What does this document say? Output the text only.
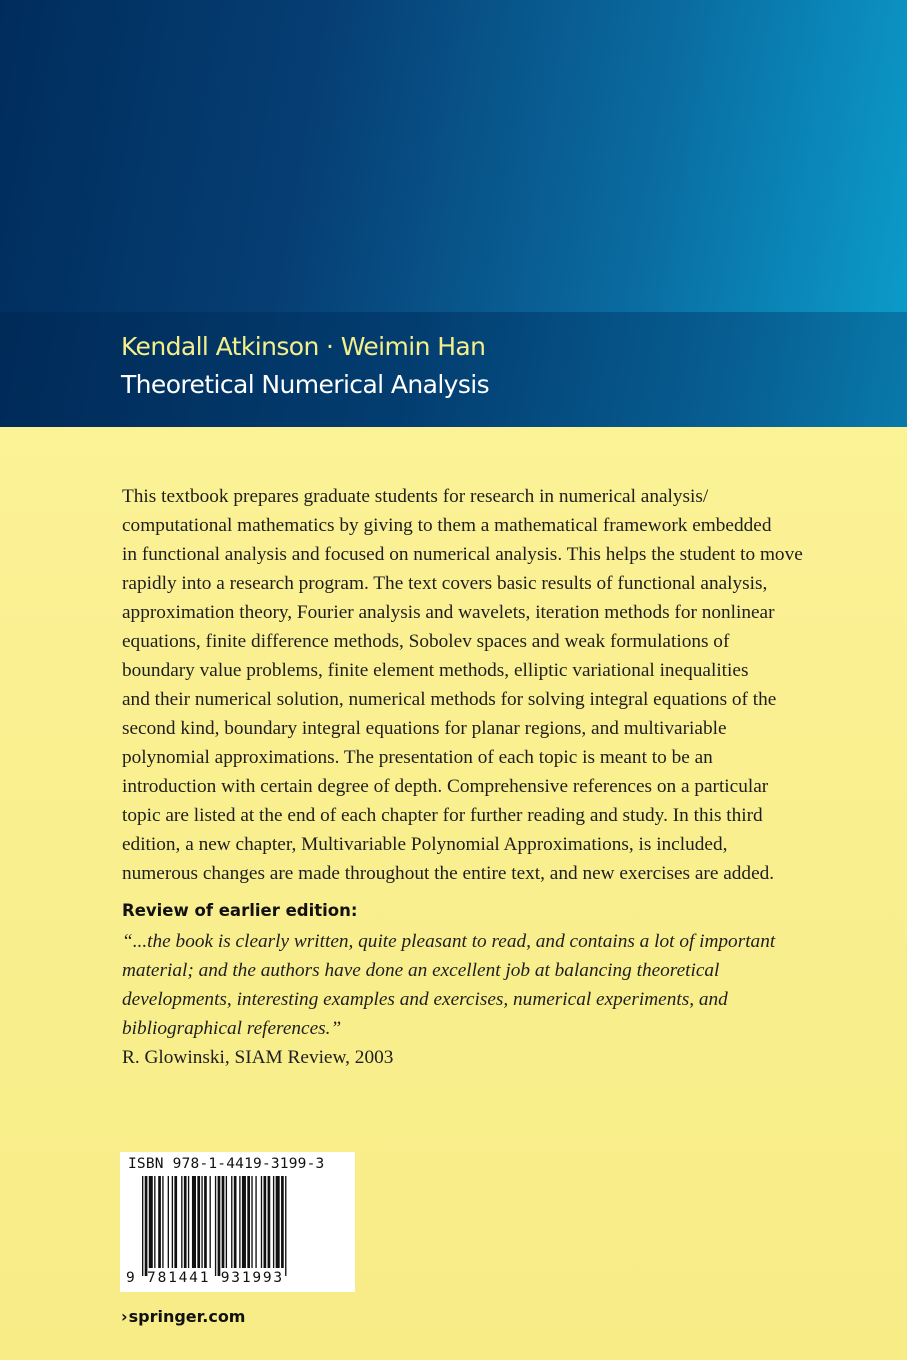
Kendall Atkinson · Weimin Han
Theoretical Numerical Analysis
This textbook prepares graduate students for research in numerical analysis/
computational mathematics by giving to them a mathematical framework embedded
in functional analysis and focused on numerical analysis. This helps the student to move
rapidly into a research program. The text covers basic results of functional analysis,
approximation theory, Fourier analysis and wavelets, iteration methods for nonlinear
equations, finite difference methods, Sobolev spaces and weak formulations of
boundary value problems, finite element methods, elliptic variational inequalities
and their numerical solution, numerical methods for solving integral equations of the
second kind, boundary integral equations for planar regions, and multivariable
polynomial approximations. The presentation of each topic is meant to be an
introduction with certain degree of depth. Comprehensive references on a particular
topic are listed at the end of each chapter for further reading and study. In this third
edition, a new chapter, Multivariable Polynomial Approximations, is included,
numerous changes are made throughout the entire text, and new exercises are added.

Review of earlier edition:

“...the book is clearly written, quite pleasant to read, and contains a lot of important
material; and the authors have done an excellent job at balancing theoretical
developments, interesting examples and exercises, numerical experiments, and
bibliographical references.”

R. Glowinski, SIAM Review, 2003

ISBN 978-1-4419-3199-3

9 781441 931993

›springer.com
